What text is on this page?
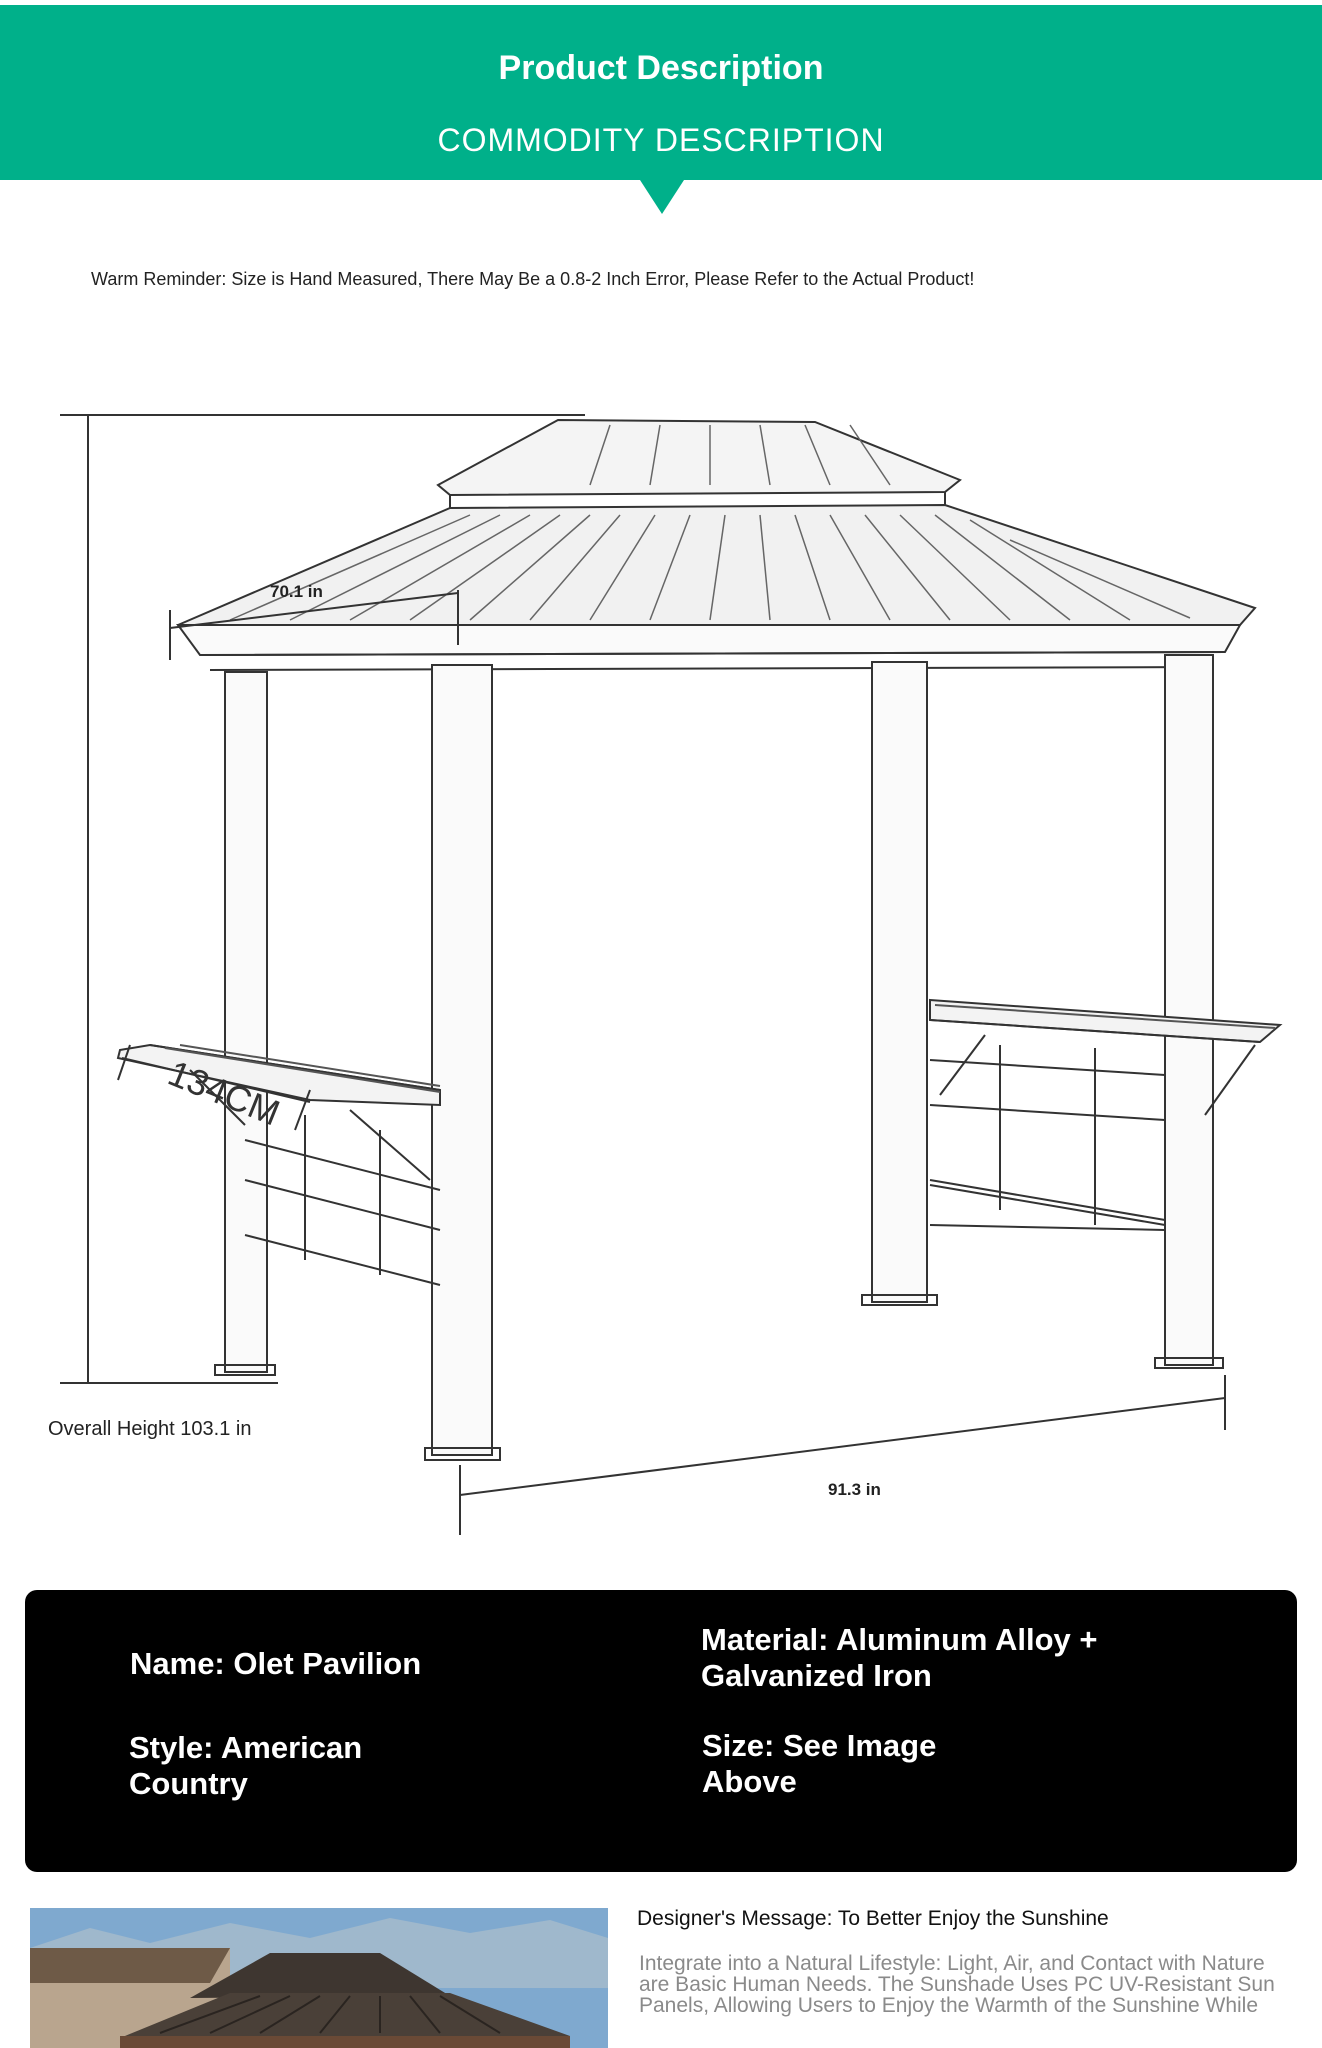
Product Description
COMMODITY DESCRIPTION
Warm Reminder: Size is Hand Measured, There May Be a 0.8-2 Inch Error, Please Refer to the Actual Product!
70.1 in
134CM
Overall Height 103.1 in
91.3 in
Name: Olet Pavilion
Material: Aluminum Alloy + Galvanized Iron
Style: American Country
Size: See Image Above
Designer's Message: To Better Enjoy the Sunshine
Integrate into a Natural Lifestyle: Light, Air, and Contact with Nature are Basic Human Needs. The Sunshade Uses PC UV-Resistant Sun Panels, Allowing Users to Enjoy the Warmth of the Sunshine While
